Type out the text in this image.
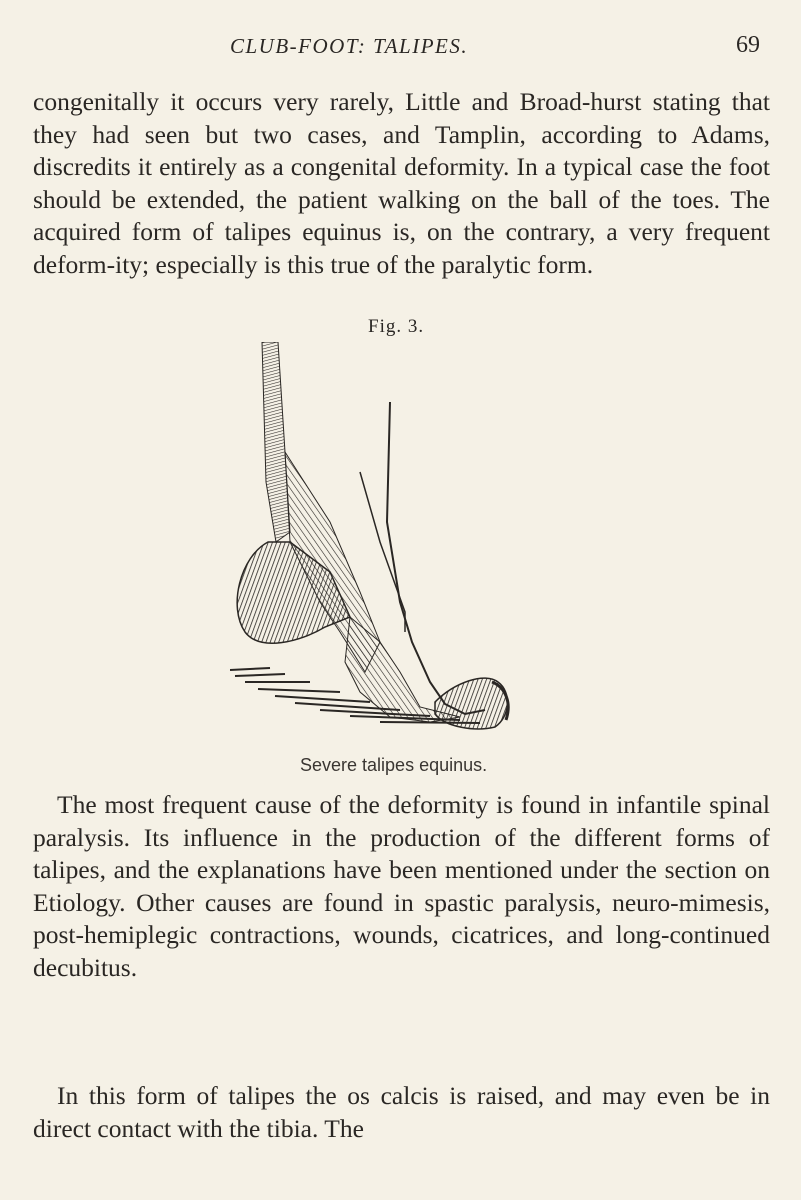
CLUB-FOOT: TALIPES.	69
congenitally it occurs very rarely, Little and Broad-hurst stating that they had seen but two cases, and Tamplin, according to Adams, discredits it entirely as a congenital deformity. In a typical case the foot should be extended, the patient walking on the ball of the toes. The acquired form of talipes equinus is, on the contrary, a very frequent deform-ity; especially is this true of the paralytic form.
Fig. 3.
Severe talipes equinus.
The most frequent cause of the deformity is found in infantile spinal paralysis. Its influence in the production of the different forms of talipes, and the explanations have been mentioned under the section on Etiology. Other causes are found in spastic paralysis, neuro-mimesis, post-hemiplegic contractions, wounds, cicatrices, and long-continued decubitus.
In this form of talipes the os calcis is raised, and may even be in direct contact with the tibia. The
